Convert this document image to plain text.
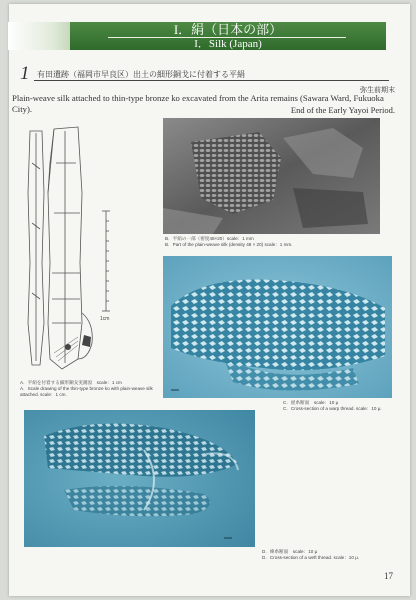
I．絹（日本の部）
I．Silk (Japan)
1 有田遺跡（福岡市早良区）出土の細形銅戈に付着する平絹
弥生前期末
Plain-weave silk attached to thin-type bronze ko excavated from the Arita remains (Sawara Ward, Fukuoka City).	End of the Early Yayoi Period.
1cm
A．平絹を付着する細形銅戈実測図　scale：1 cm
A．Scale drawing of the thin-type bronze ko with plain-weave silk attached. scale：1 cm.
B．平絹の一部（密度48×20）scale：1 mm
B．Part of the plain-weave silk (density 48 × 20) scale：1 mm.
C．経糸断面　scale：10 μ
C．Cross-section of a warp thread. scale：10 μ.
D．緯糸断面　scale：10 μ
D．Cross-section of a weft thread. scale：10 μ.
17
